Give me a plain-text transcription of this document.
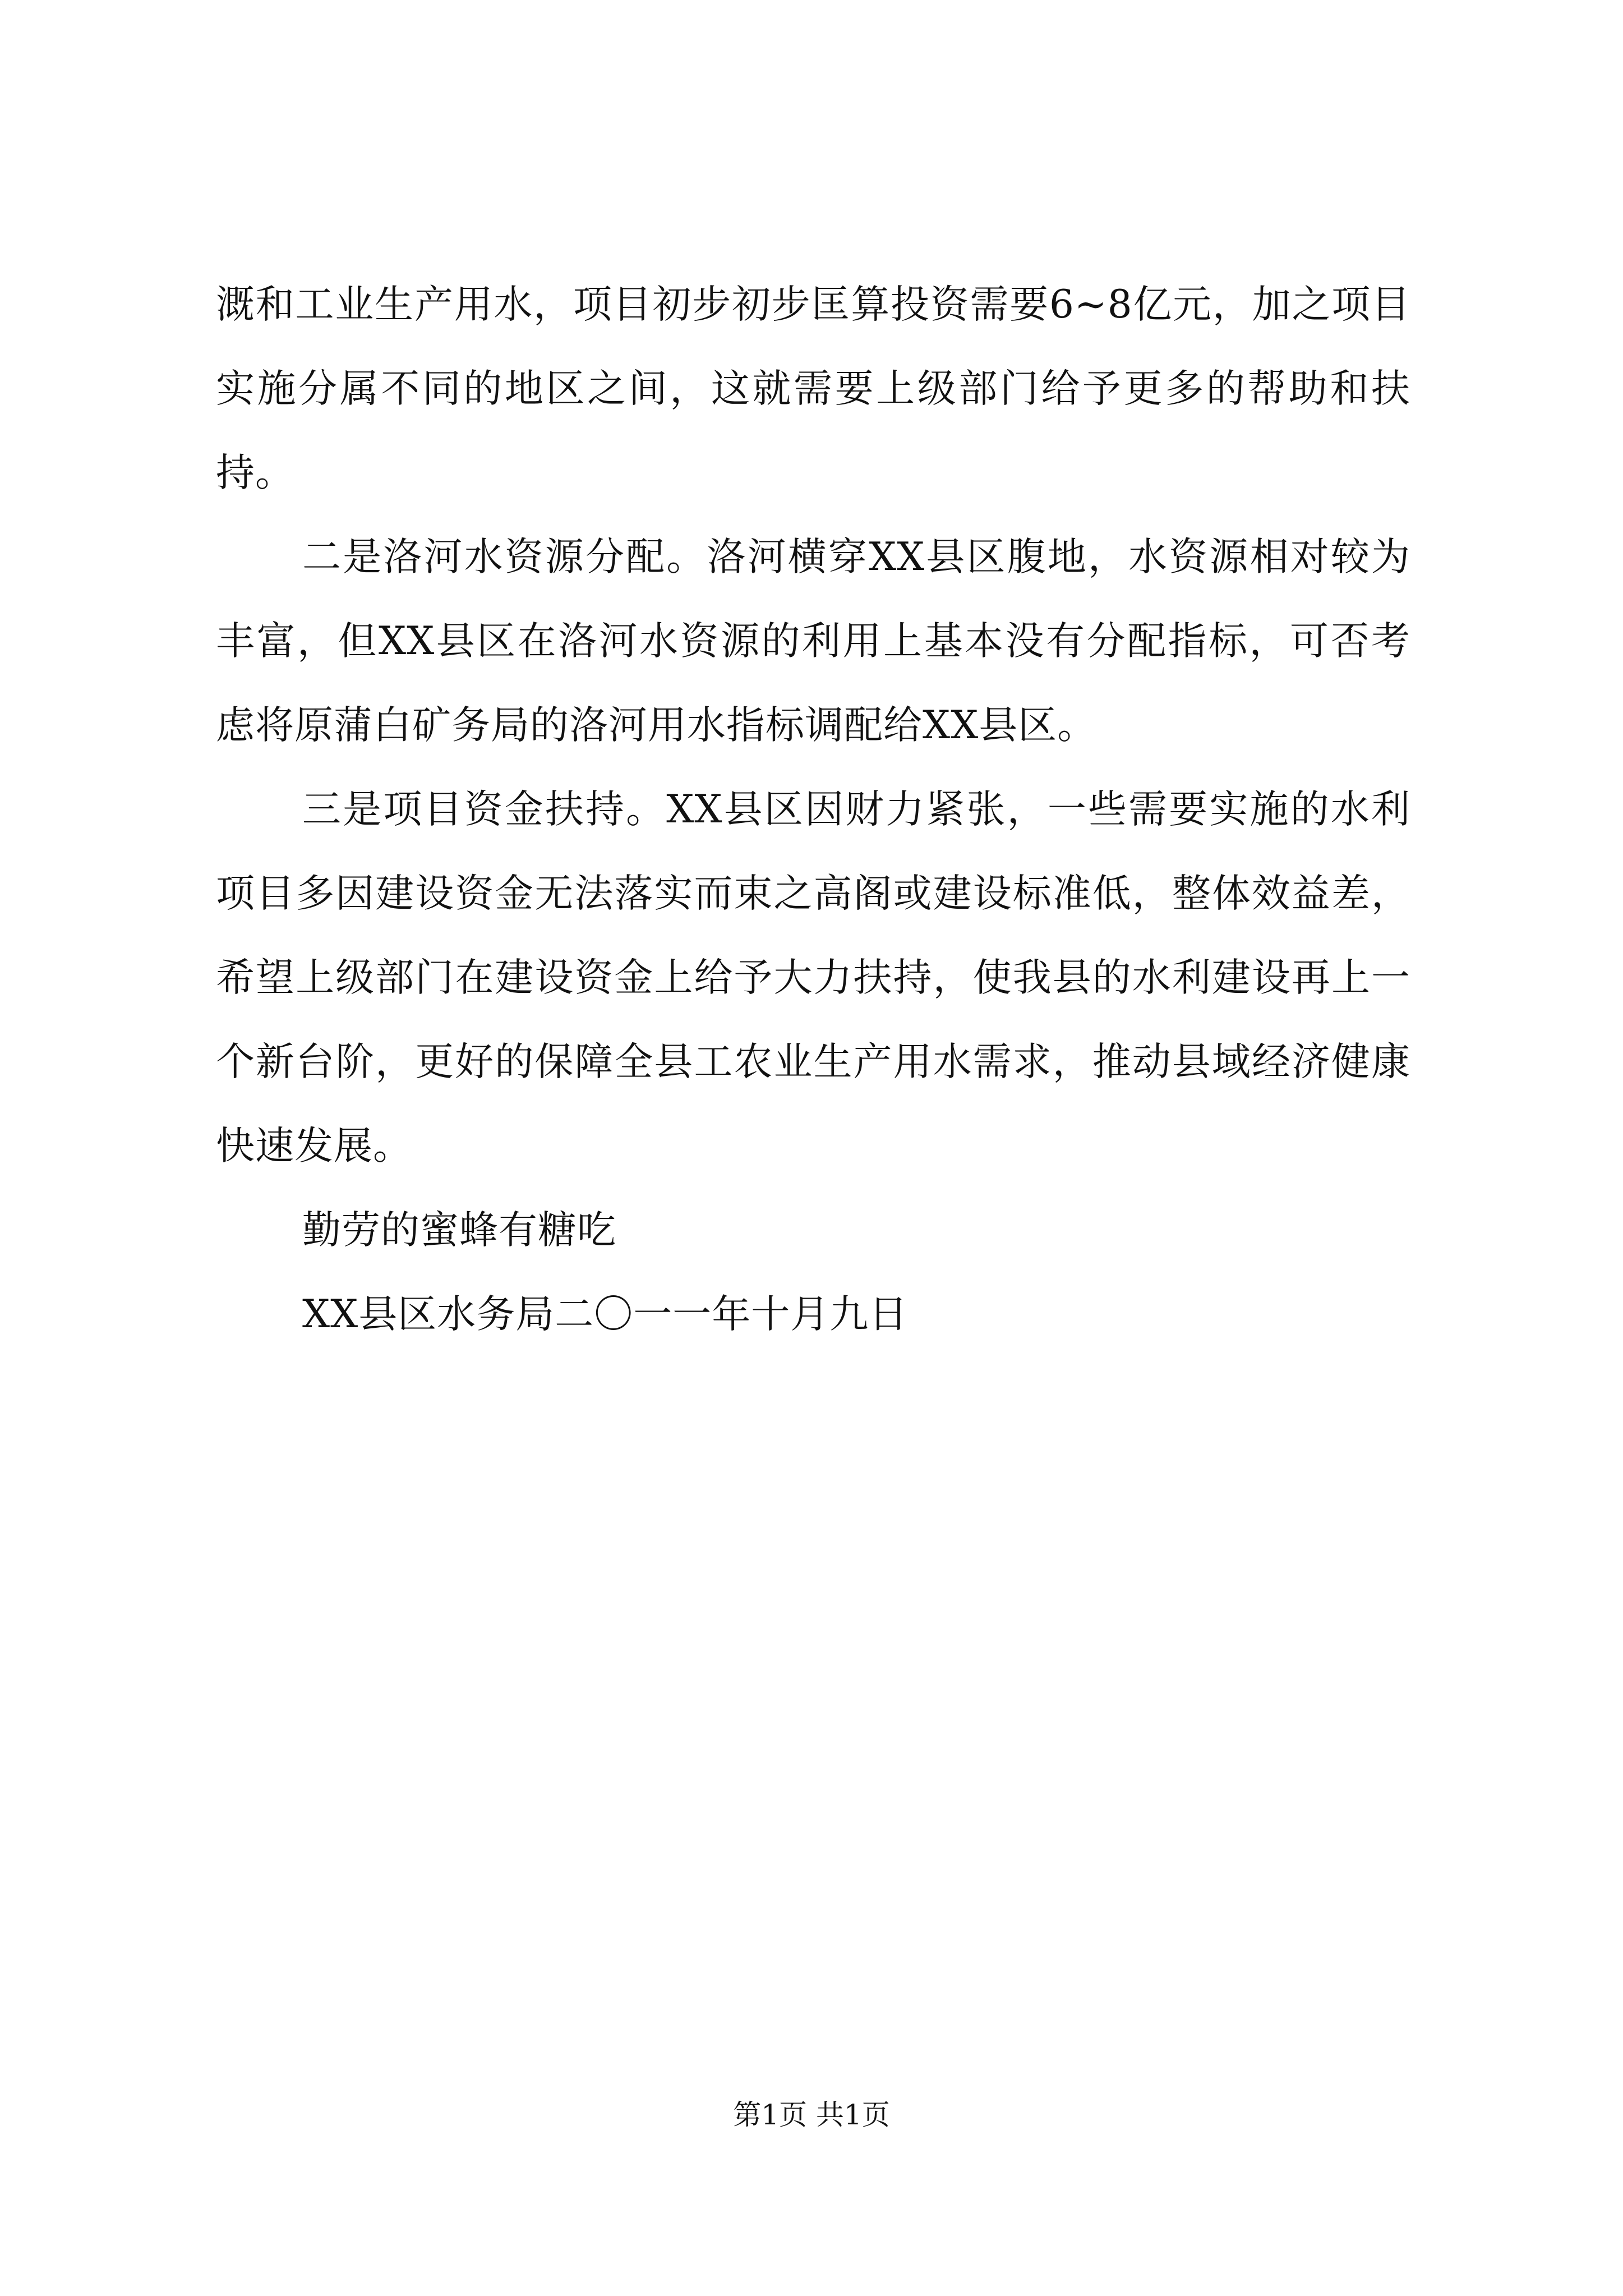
溉和工业生产用水，项目初步初步匡算投资需要6~8亿元，加之项目实施分属不同的地区之间，这就需要上级部门给予更多的帮助和扶持。

二是洛河水资源分配。洛河横穿XX县区腹地，水资源相对较为丰富，但XX县区在洛河水资源的利用上基本没有分配指标，可否考虑将原蒲白矿务局的洛河用水指标调配给XX县区。

三是项目资金扶持。XX县区因财力紧张，一些需要实施的水利项目多因建设资金无法落实而束之高阁或建设标准低，整体效益差，希望上级部门在建设资金上给予大力扶持，使我县的水利建设再上一个新台阶，更好的保障全县工农业生产用水需求，推动县域经济健康快速发展。

勤劳的蜜蜂有糖吃

XX县区水务局二〇一一年十月九日

第1页 共1页
